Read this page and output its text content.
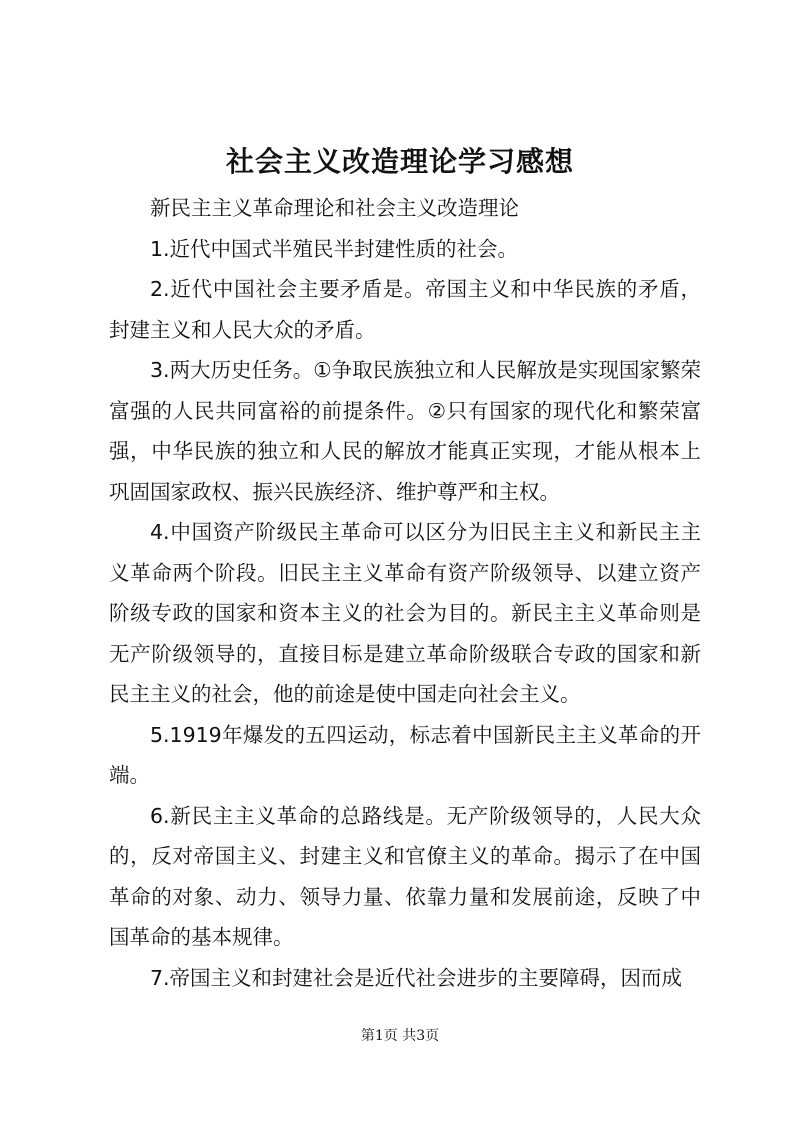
社会主义改造理论学习感想

新民主主义革命理论和社会主义改造理论

1.近代中国式半殖民半封建性质的社会。

2.近代中国社会主要矛盾是。帝国主义和中华民族的矛盾，封建主义和人民大众的矛盾。

3.两大历史任务。①争取民族独立和人民解放是实现国家繁荣富强的人民共同富裕的前提条件。②只有国家的现代化和繁荣富强，中华民族的独立和人民的解放才能真正实现，才能从根本上巩固国家政权、振兴民族经济、维护尊严和主权。

4.中国资产阶级民主革命可以区分为旧民主主义和新民主主义革命两个阶段。旧民主主义革命有资产阶级领导、以建立资产阶级专政的国家和资本主义的社会为目的。新民主主义革命则是无产阶级领导的，直接目标是建立革命阶级联合专政的国家和新民主主义的社会，他的前途是使中国走向社会主义。

5.1919年爆发的五四运动，标志着中国新民主主义革命的开端。

6.新民主主义革命的总路线是。无产阶级领导的，人民大众的，反对帝国主义、封建主义和官僚主义的革命。揭示了在中国革命的对象、动力、领导力量、依靠力量和发展前途，反映了中国革命的基本规律。

7.帝国主义和封建社会是近代社会进步的主要障碍，因而成

第1页 共3页
